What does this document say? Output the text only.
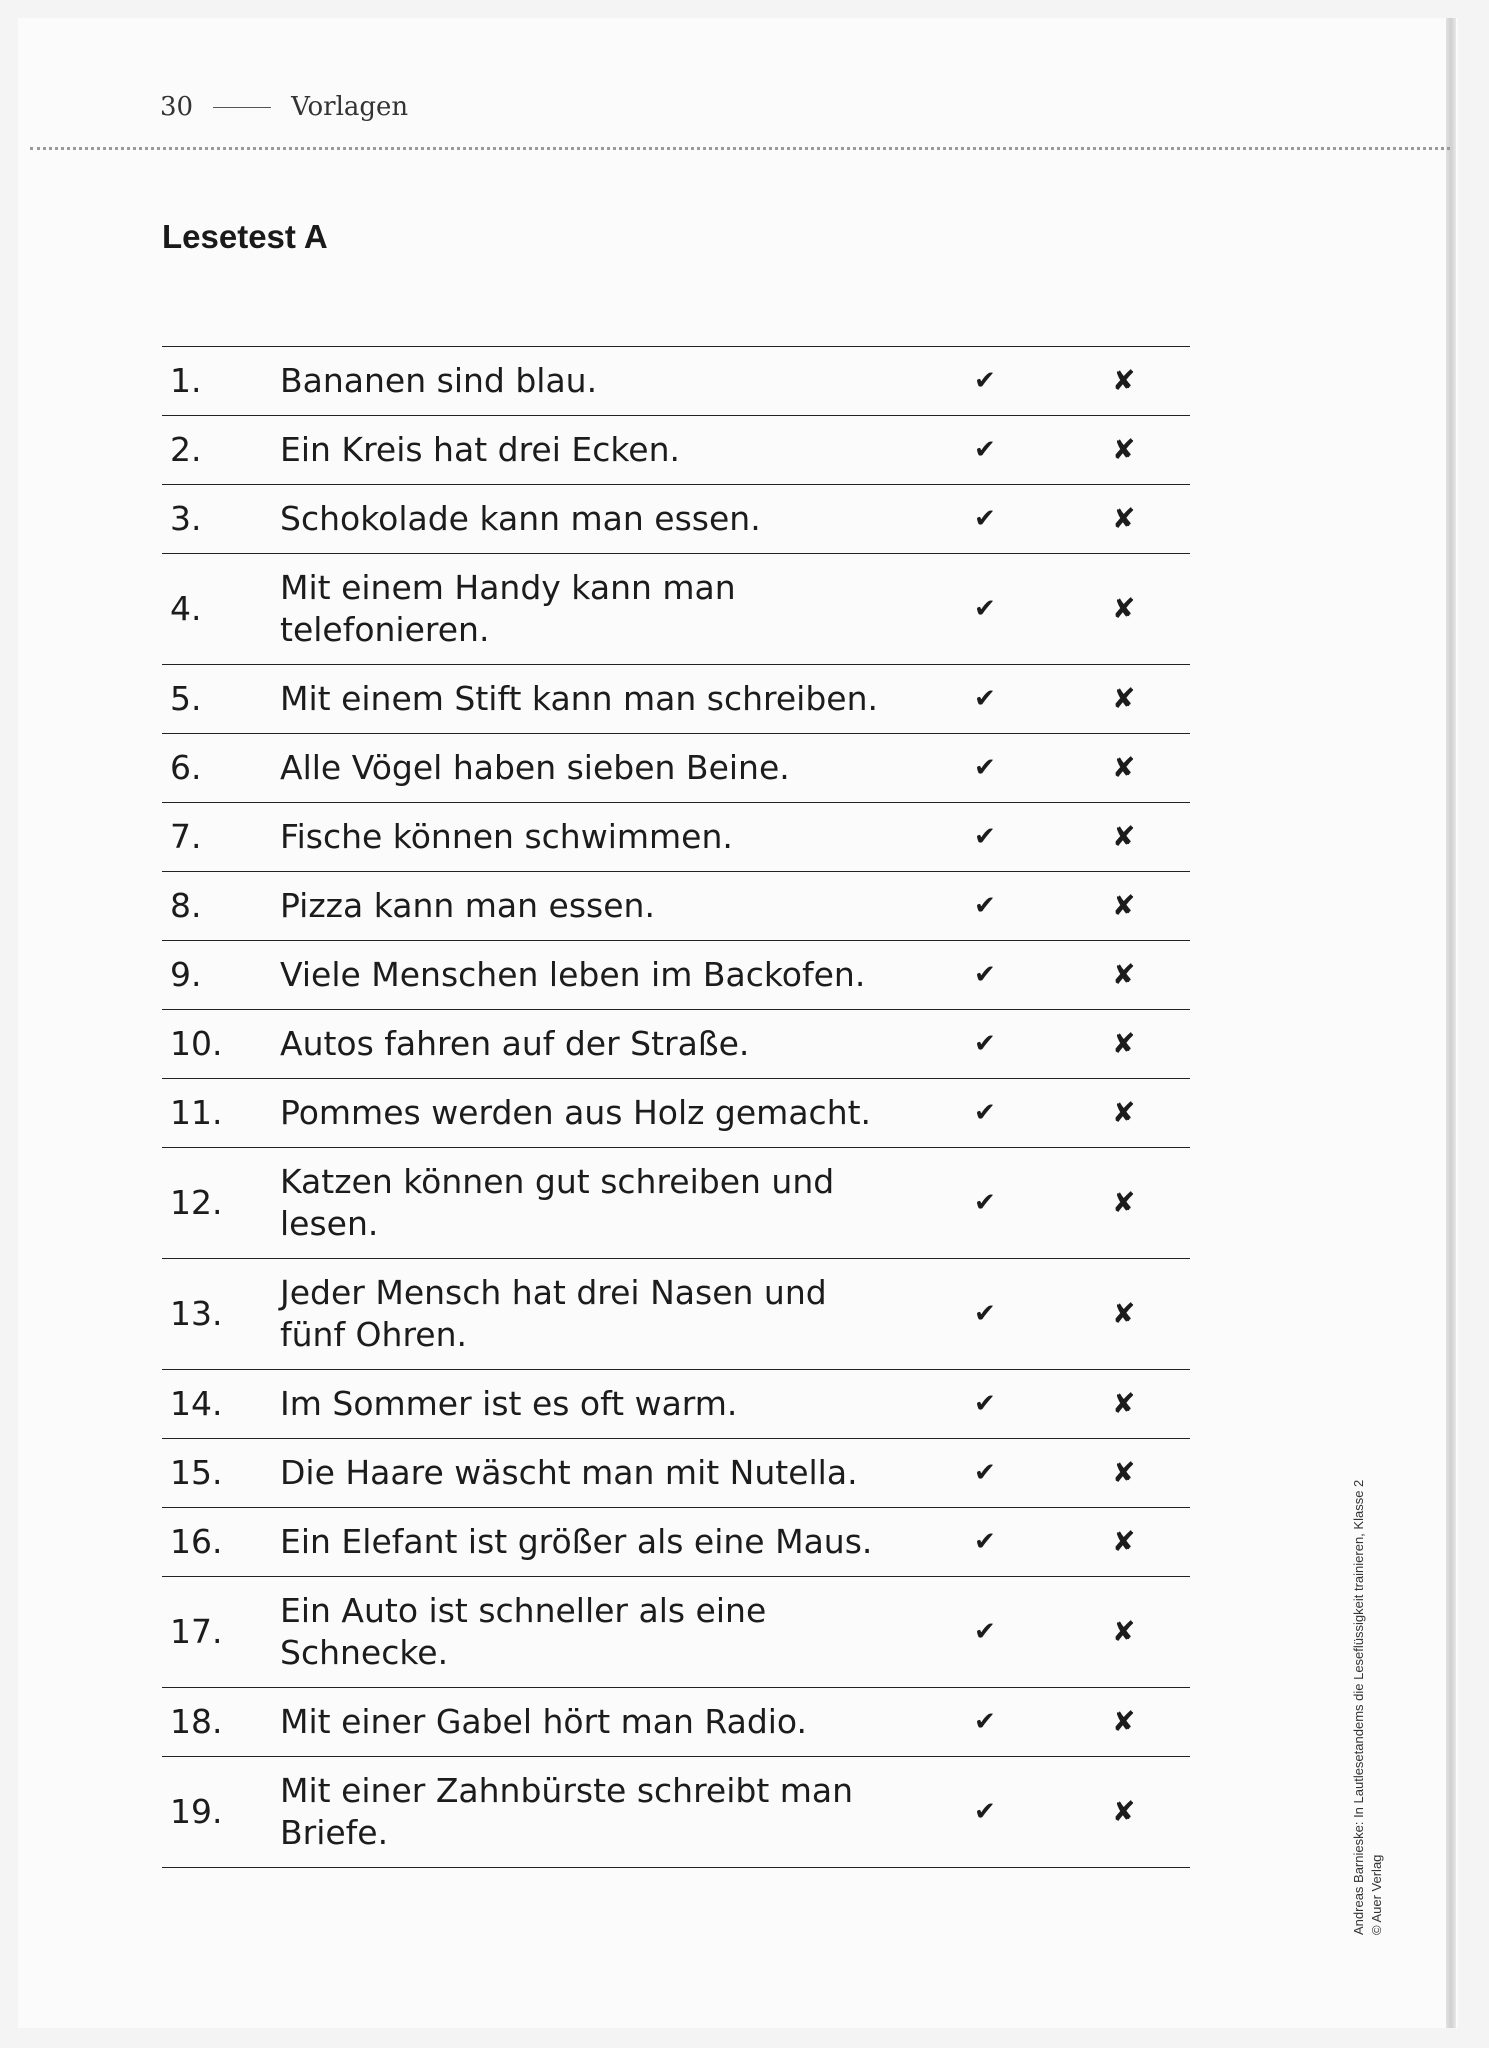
30	Vorlagen
Lesetest A
1. Bananen sind blau.	✔	✘
2. Ein Kreis hat drei Ecken.	✔	✘
3. Schokolade kann man essen.	✔	✘
4.
Mit einem Handy kann man telefonieren.
✔	✘
5. Mit einem Stift kann man schreiben.	✔	✘
6. Alle Vögel haben sieben Beine.	✔	✘
7. Fische können schwimmen.	✔	✘
8. Pizza kann man essen.	✔	✘
9. Viele Menschen leben im Backofen.	✔	✘
10. Autos fahren auf der Straße.	✔	✘
11. Pommes werden aus Holz gemacht.	✔	✘
12.
Katzen können gut schreiben und lesen.
✔	✘
13.
Jeder Mensch hat drei Nasen und fünf Ohren.
✔	✘
14. Im Sommer ist es oft warm.	✔	✘
15. Die Haare wäscht man mit Nutella.	✔	✘
16. Ein Elefant ist größer als eine Maus.	✔	✘
17.
Ein Auto ist schneller als eine Schnecke.
✔	✘
18. Mit einer Gabel hört man Radio.	✔	✘
19.
Mit einer Zahnbürste schreibt man Briefe.
✔	✘	Andreas Barnieske: In Lautlesetandems die Leseflüssigkeit trainieren, Klasse 2 © Auer Verlag
